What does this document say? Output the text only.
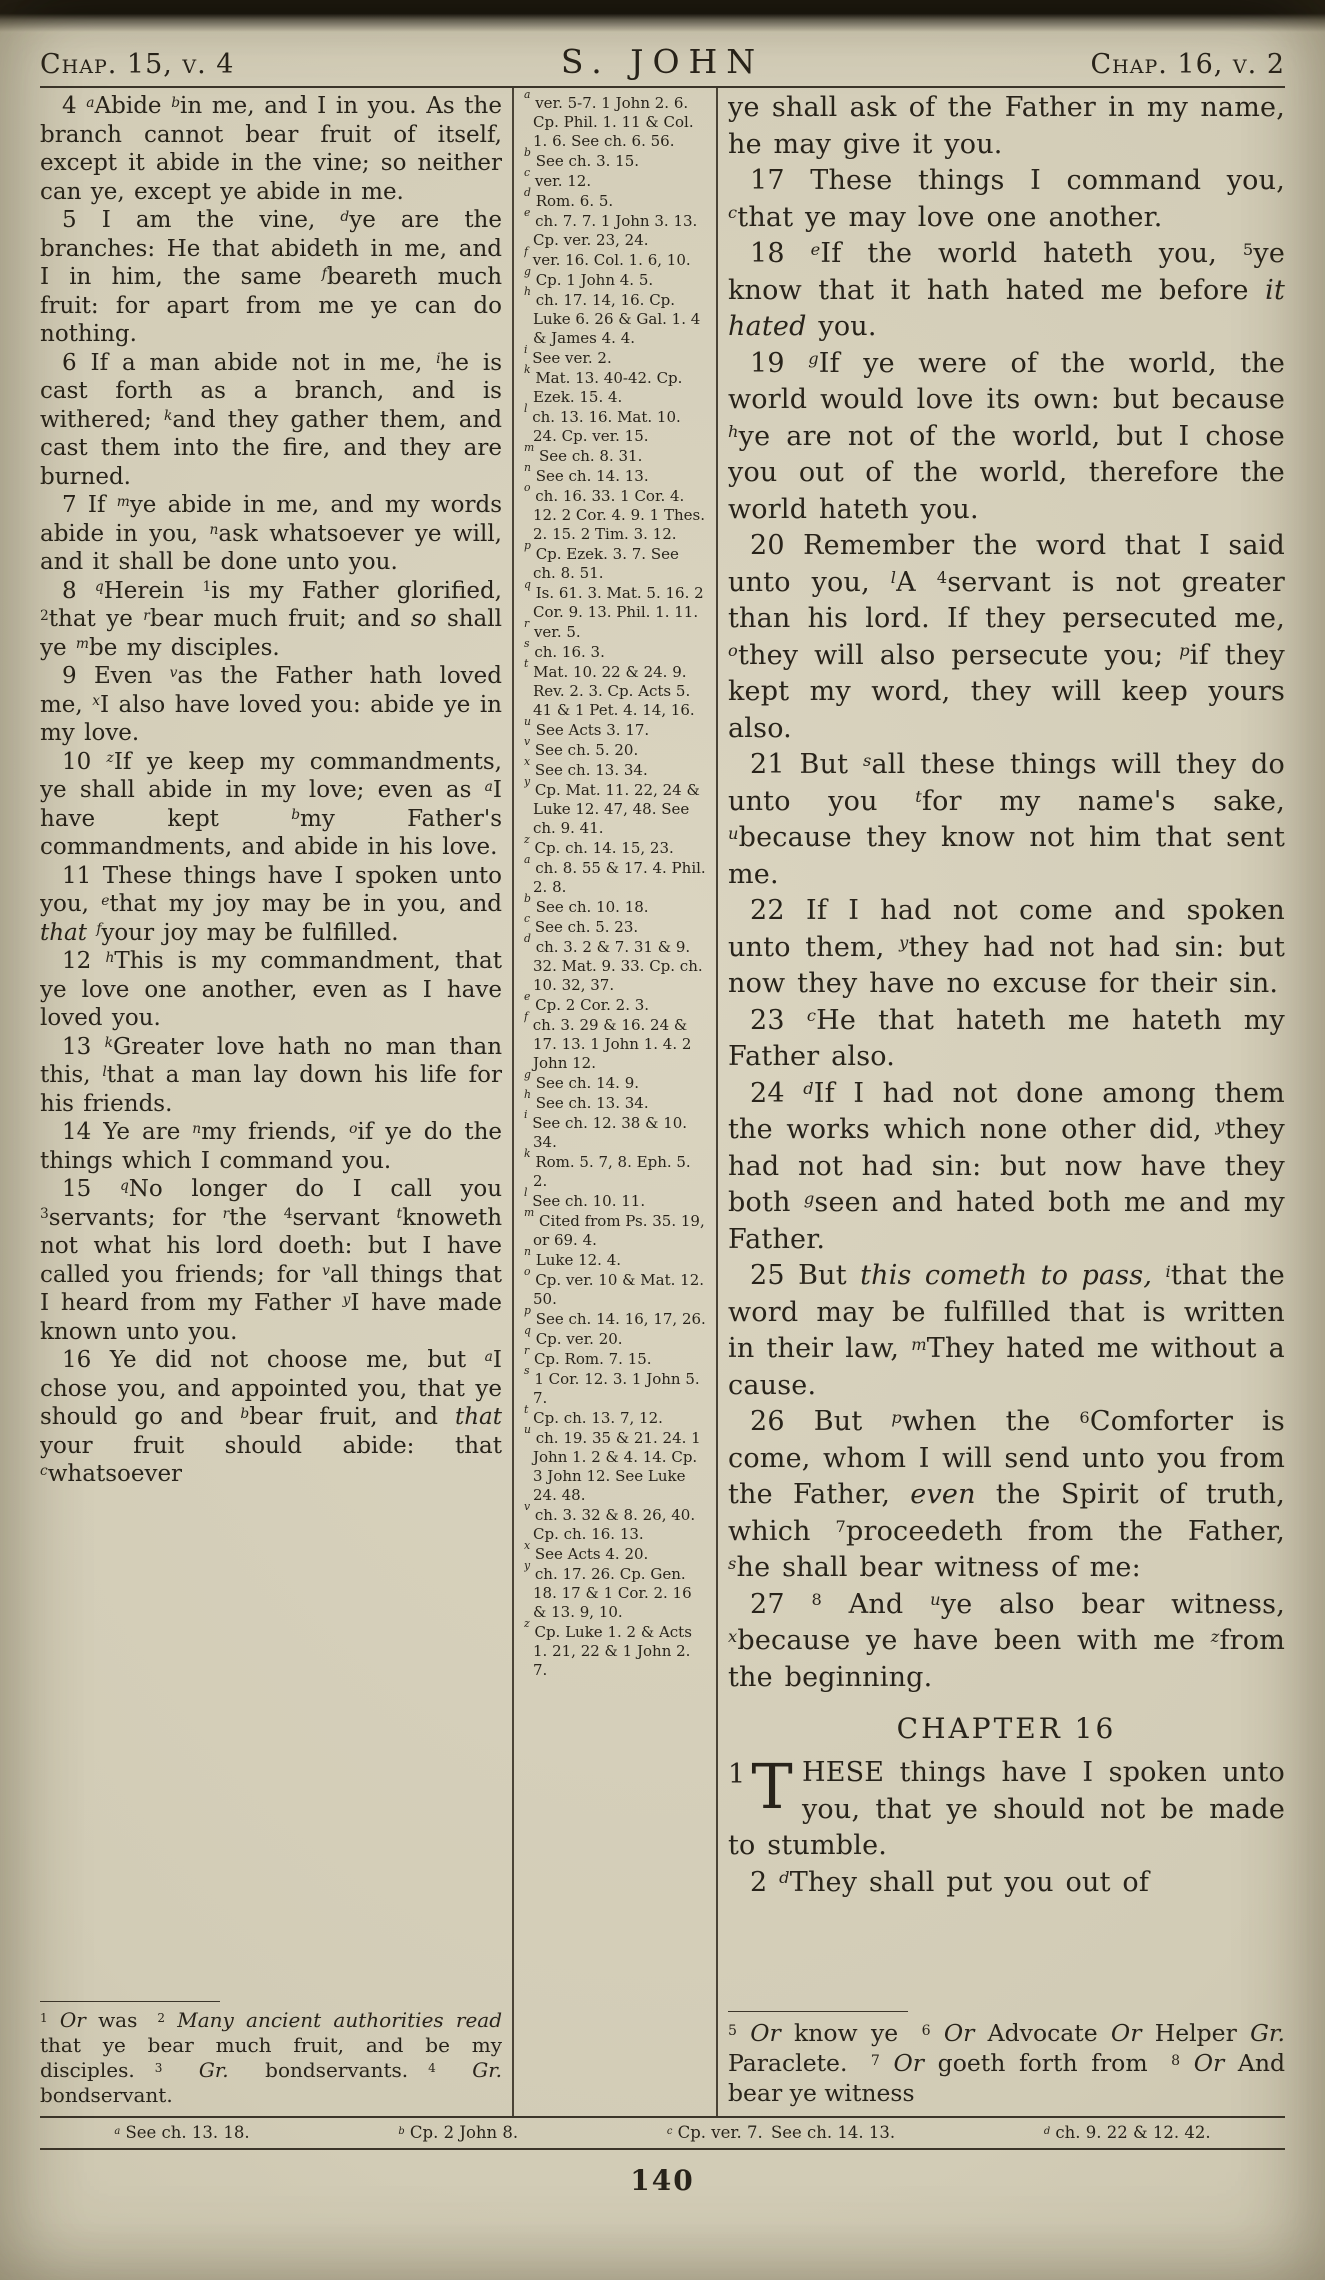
Chap. 15, v. 4	S. JOHN	Chap. 16, v. 2

4 $^a$Abide $^b$in me, and I in you. As the branch cannot bear fruit of itself, except it abide in the vine; so neither can ye, except ye abide in me.

5 I am the vine, $^d$ye are the branches: He that abideth in me, and I in him, the same $^f$beareth much fruit: for apart from me ye can do nothing.

6 If a man abide not in me, $^i$he is cast forth as a branch, and is withered; $^k$and they gather them, and cast them into the fire, and they are burned.

7 If $^m$ye abide in me, and my words abide in you, $^n$ask whatsoever ye will, and it shall be done unto you.

8 $^q$Herein $^1$is my Father glorified, $^2$that ye $^r$bear much fruit; and so shall ye $^m$be my disciples.

9 Even $^v$as the Father hath loved me, $^x$I also have loved you: abide ye in my love.

10 $^z$If ye keep my commandments, ye shall abide in my love; even as $^a$I have kept $^b$my Father's commandments, and abide in his love.

11 These things have I spoken unto you, $^e$that my joy may be in you, and that $^f$your joy may be fulfilled.

12 $^h$This is my commandment, that ye love one another, even as I have loved you.

13 $^k$Greater love hath no man than this, $^l$that a man lay down his life for his friends.

14 Ye are $^n$my friends, $^o$if ye do the things which I command you.

15 $^q$No longer do I call you $^3$servants; for $^r$the $^4$servant $^t$knoweth not what his lord doeth: but I have called you friends; for $^v$all things that I heard from my Father $^y$I have made known unto you.

16 Ye did not choose me, but $^a$I chose you, and appointed you, that ye should go and $^b$bear fruit, and that your fruit should abide: that $^c$whatsoever

$^1$ Or was $^2$ Many ancient authorities read that ye bear much fruit, and be my disciples. $^3$ Gr. bondservants. $^4$ Gr. bondservant.

$^a$ ver. 5-7. 1 John 2. 6. Cp. Phil. 1. 11 & Col. 1. 6. See ch. 6. 56.

$^b$ See ch. 3. 15.

$^c$ ver. 12.

$^d$ Rom. 6. 5.

$^e$ ch. 7. 7. 1 John 3. 13. Cp. ver. 23, 24.

$^f$ ver. 16. Col. 1. 6, 10.

$^g$ Cp. 1 John 4. 5.

$^h$ ch. 17. 14, 16. Cp. Luke 6. 26 & Gal. 1. 4 & James 4. 4.

$^i$ See ver. 2.

$^k$ Mat. 13. 40-42. Cp. Ezek. 15. 4.

$^l$ ch. 13. 16. Mat. 10. 24. Cp. ver. 15.

$^m$ See ch. 8. 31.

$^n$ See ch. 14. 13.

$^o$ ch. 16. 33. 1 Cor. 4. 12. 2 Cor. 4. 9. 1 Thes. 2. 15. 2 Tim. 3. 12.

$^p$ Cp. Ezek. 3. 7. See ch. 8. 51.

$^q$ Is. 61. 3. Mat. 5. 16. 2 Cor. 9. 13. Phil. 1. 11.

$^r$ ver. 5.

$^s$ ch. 16. 3.

$^t$ Mat. 10. 22 & 24. 9. Rev. 2. 3. Cp. Acts 5. 41 & 1 Pet. 4. 14, 16.

$^u$ See Acts 3. 17.

$^v$ See ch. 5. 20.

$^x$ See ch. 13. 34.

$^y$ Cp. Mat. 11. 22, 24 & Luke 12. 47, 48. See ch. 9. 41.

$^z$ Cp. ch. 14. 15, 23.

$^a$ ch. 8. 55 & 17. 4. Phil. 2. 8.

$^b$ See ch. 10. 18.

$^c$ See ch. 5. 23.

$^d$ ch. 3. 2 & 7. 31 & 9. 32. Mat. 9. 33. Cp. ch. 10. 32, 37.

$^e$ Cp. 2 Cor. 2. 3.

$^f$ ch. 3. 29 & 16. 24 & 17. 13. 1 John 1. 4. 2 John 12.

$^g$ See ch. 14. 9.

$^h$ See ch. 13. 34.

$^i$ See ch. 12. 38 & 10. 34.

$^k$ Rom. 5. 7, 8. Eph. 5. 2.

$^l$ See ch. 10. 11.

$^m$ Cited from Ps. 35. 19, or 69. 4.

$^n$ Luke 12. 4.

$^o$ Cp. ver. 10 & Mat. 12. 50.

$^p$ See ch. 14. 16, 17, 26.

$^q$ Cp. ver. 20.

$^r$ Cp. Rom. 7. 15.

$^s$ 1 Cor. 12. 3. 1 John 5. 7.

$^t$ Cp. ch. 13. 7, 12.

$^u$ ch. 19. 35 & 21. 24. 1 John 1. 2 & 4. 14. Cp. 3 John 12. See Luke 24. 48.

$^v$ ch. 3. 32 & 8. 26, 40. Cp. ch. 16. 13.

$^x$ See Acts 4. 20.

$^y$ ch. 17. 26. Cp. Gen. 18. 17 & 1 Cor. 2. 16 & 13. 9, 10.

$^z$ Cp. Luke 1. 2 & Acts 1. 21, 22 & 1 John 2. 7.

ye shall ask of the Father in my name, he may give it you.

17 These things I command you, $^c$that ye may love one another.

18 $^e$If the world hateth you, $^5$ye know that it hath hated me before it hated you.

19 $^g$If ye were of the world, the world would love its own: but because $^h$ye are not of the world, but I chose you out of the world, therefore the world hateth you.

20 Remember the word that I said unto you, $^l$A $^4$servant is not greater than his lord. If they persecuted me, $^o$they will also persecute you; $^p$if they kept my word, they will keep yours also.

21 But $^s$all these things will they do unto you $^t$for my name's sake, $^u$because they know not him that sent me.

22 If I had not come and spoken unto them, $^y$they had not had sin: but now they have no excuse for their sin.

23 $^c$He that hateth me hateth my Father also.

24 $^d$If I had not done among them the works which none other did, $^y$they had not had sin: but now have they both $^g$seen and hated both me and my Father.

25 But this cometh to pass, $^i$that the word may be fulfilled that is written in their law, $^m$They hated me without a cause.

26 But $^p$when the $^6$Comforter is come, whom I will send unto you from the Father, even the Spirit of truth, which $^7$proceedeth from the Father, $^s$he shall bear witness of me:

27 $^8$ And $^u$ye also bear witness, $^x$because ye have been with me $^z$from the beginning.

CHAPTER 16

1 T HESE things have I spoken unto you, that ye should not be made to stumble.

2 $^d$They shall put you out of

$^5$ Or know ye $^6$ Or Advocate Or Helper Gr. Paraclete. $^7$ Or goeth forth from $^8$ Or And bear ye witness

$^a$ See ch. 13. 18.	$^b$ Cp. 2 John 8.	$^c$ Cp. ver. 7. See ch. 14. 13.	$^d$ ch. 9. 22 & 12. 42.
140
